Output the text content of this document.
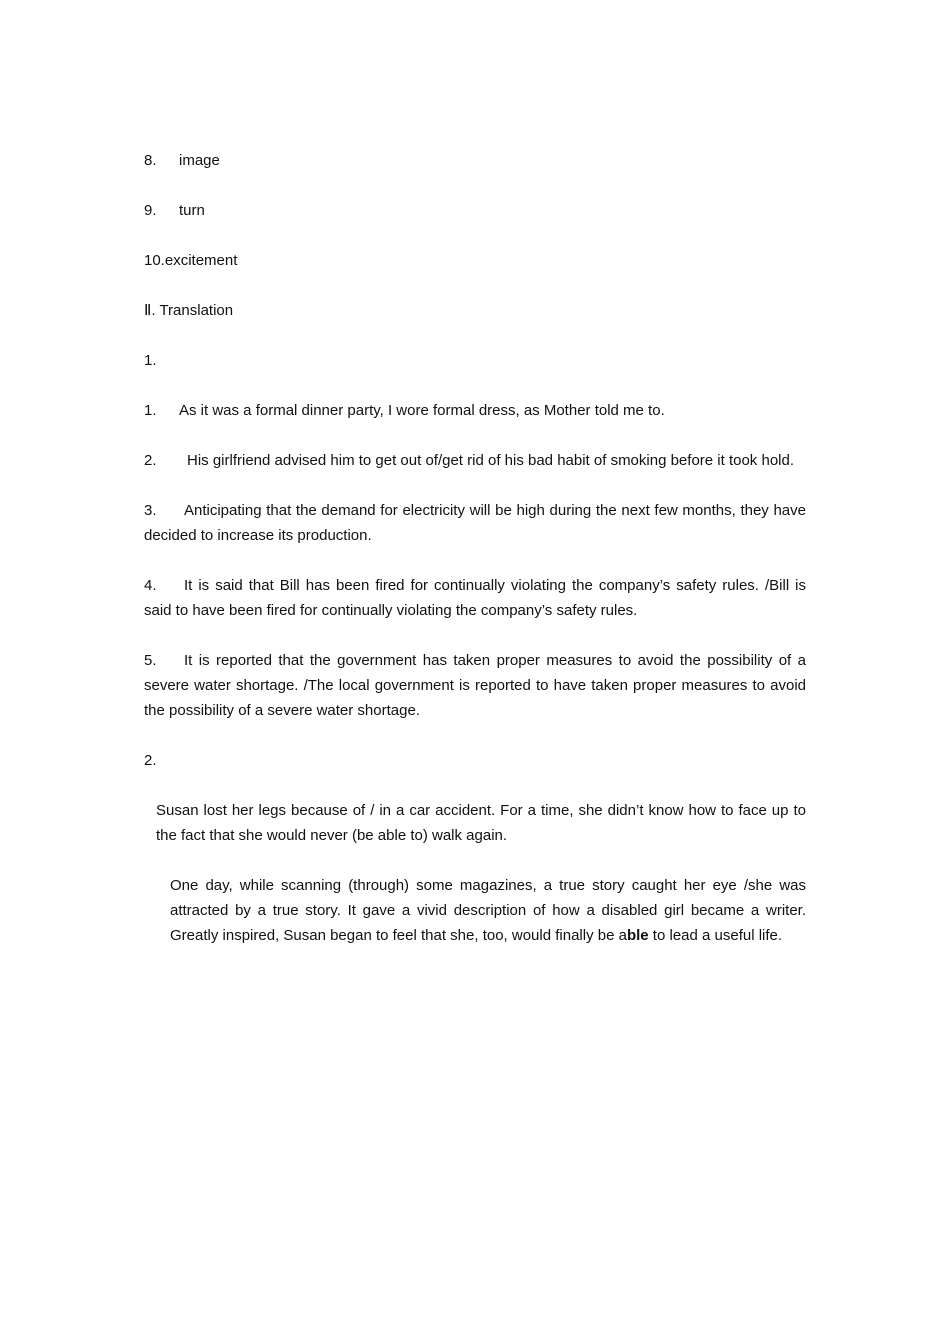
8. image

9. turn

10.excitement

Ⅱ. Translation

1.

1. As it was a formal dinner party, I wore formal dress, as Mother told me to.

2. His girlfriend advised him to get out of/get rid of his bad habit of smoking before it took hold.

3. Anticipating that the demand for electricity will be high during the next few months, they have decided to increase its production.

4. It is said that Bill has been fired for continually violating the company’s safety rules. /Bill is said to have been fired for continually violating the company’s safety rules.

5. It is reported that the government has taken proper measures to avoid the possibility of a severe water shortage. /The local government is reported to have taken proper measures to avoid the possibility of a severe water shortage.

2.

Susan lost her legs because of / in a car accident. For a time, she didn’t know how to face up to the fact that she would never (be able to) walk again.

One day, while scanning (through) some magazines, a true story caught her eye /she was attracted by a true story. It gave a vivid description of how a disabled girl became a writer. Greatly inspired, Susan began to feel that she, too, would finally be able to lead a useful life.
